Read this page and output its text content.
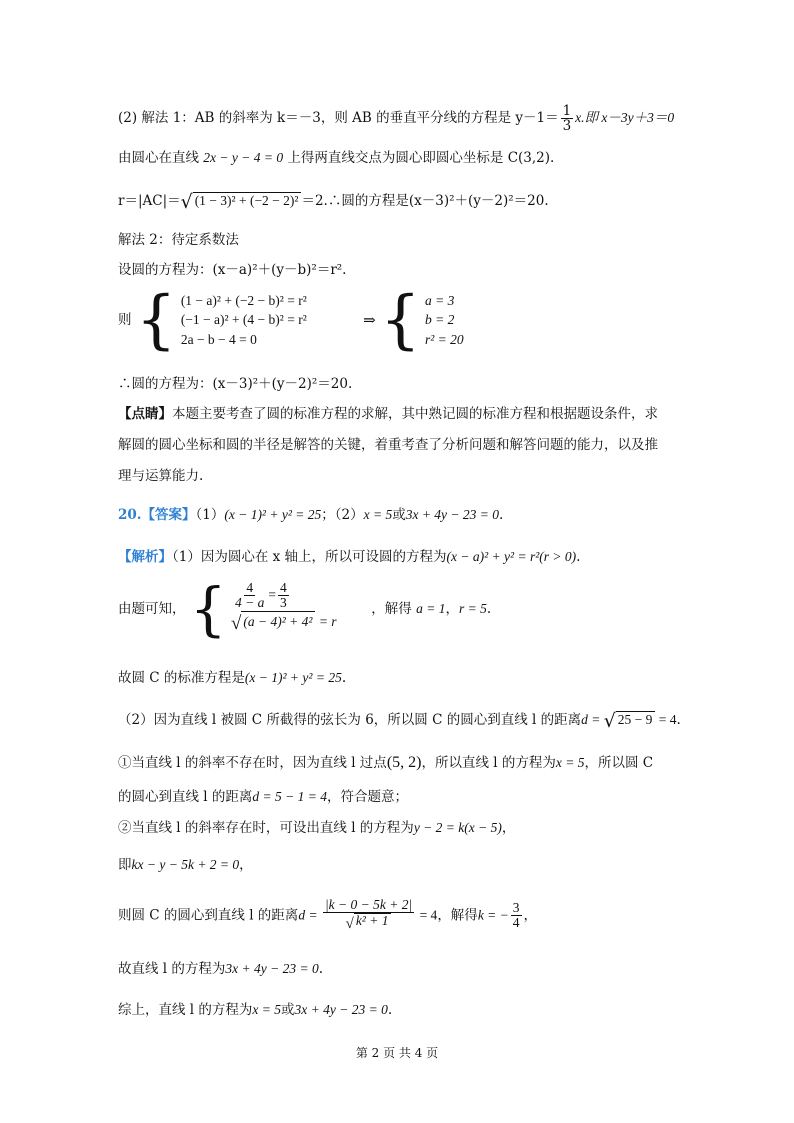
(2) 解法 1：AB 的斜率为 k＝－3，则 AB 的垂直平分线的方程是 $y-1= \frac{1}{3} x$.即 x－3y＋3＝0
由圆心在直线 2x − y − 4 = 0 上得两直线交点为圆心即圆心坐标是 C(3,2).
r＝|AC|＝√ (1 − 3)² + (−2 − 2)² ＝2.∴圆的方程是(x－3)²＋(y－2)²＝20.
解法 2：待定系数法
设圆的方程为：(x－a)²＋(y－b)²＝r².
则 { (1 − a)² + (−2 − b)² = r²
(−1 − a)² + (4 − b)² = r²
2a − b − 4 = 0
⇒ { a = 3
b = 2
r² = 20
∴圆的方程为：(x－3)²＋(y－2)²＝20.
【点睛】本题主要考查了圆的标准方程的求解，其中熟记圆的标准方程和根据题设条件，求
解圆的圆心坐标和圆的半径是解答的关键，着重考查了分析问题和解答问题的能力，以及推
理与运算能力.
20.【答案】（1）(x − 1)² + y² = 25；（2）x = 5或3x + 4y − 23 = 0.
【解析】（1）因为圆心在 x 轴上，所以可设圆的方程为(x − a)² + y² = r²(r > 0).
由题可知， { $\frac{4}{4 - a} = \frac{4}{3}$
√ (a − 4)² + 4² = r
，解得 a = 1，r = 5.
故圆 C 的标准方程是(x − 1)² + y² = 25.
（2）因为直线 l 被圆 C 所截得的弦长为 6，所以圆 C 的圆心到直线 l 的距离d = √ 25 − 9 = 4.
①当直线 l 的斜率不存在时，因为直线 l 过点(5, 2)，所以直线 l 的方程为x = 5，所以圆 C
的圆心到直线 l 的距离d = 5 − 1 = 4，符合题意；
②当直线 l 的斜率存在时，可设出直线 l 的方程为y − 2 = k(x − 5)，
即kx − y − 5k + 2 = 0，
则圆 C 的圆心到直线 l 的距离$d = \frac{|k - 0 - 5k + 2|}{\text{√ k² + 1}} = 4$，解得k = − $\frac{3}{4}$ ，
故直线 l 的方程为3x + 4y − 23 = 0.
综上，直线 l 的方程为x = 5或3x + 4y − 23 = 0.
第 2 页 共 4 页
